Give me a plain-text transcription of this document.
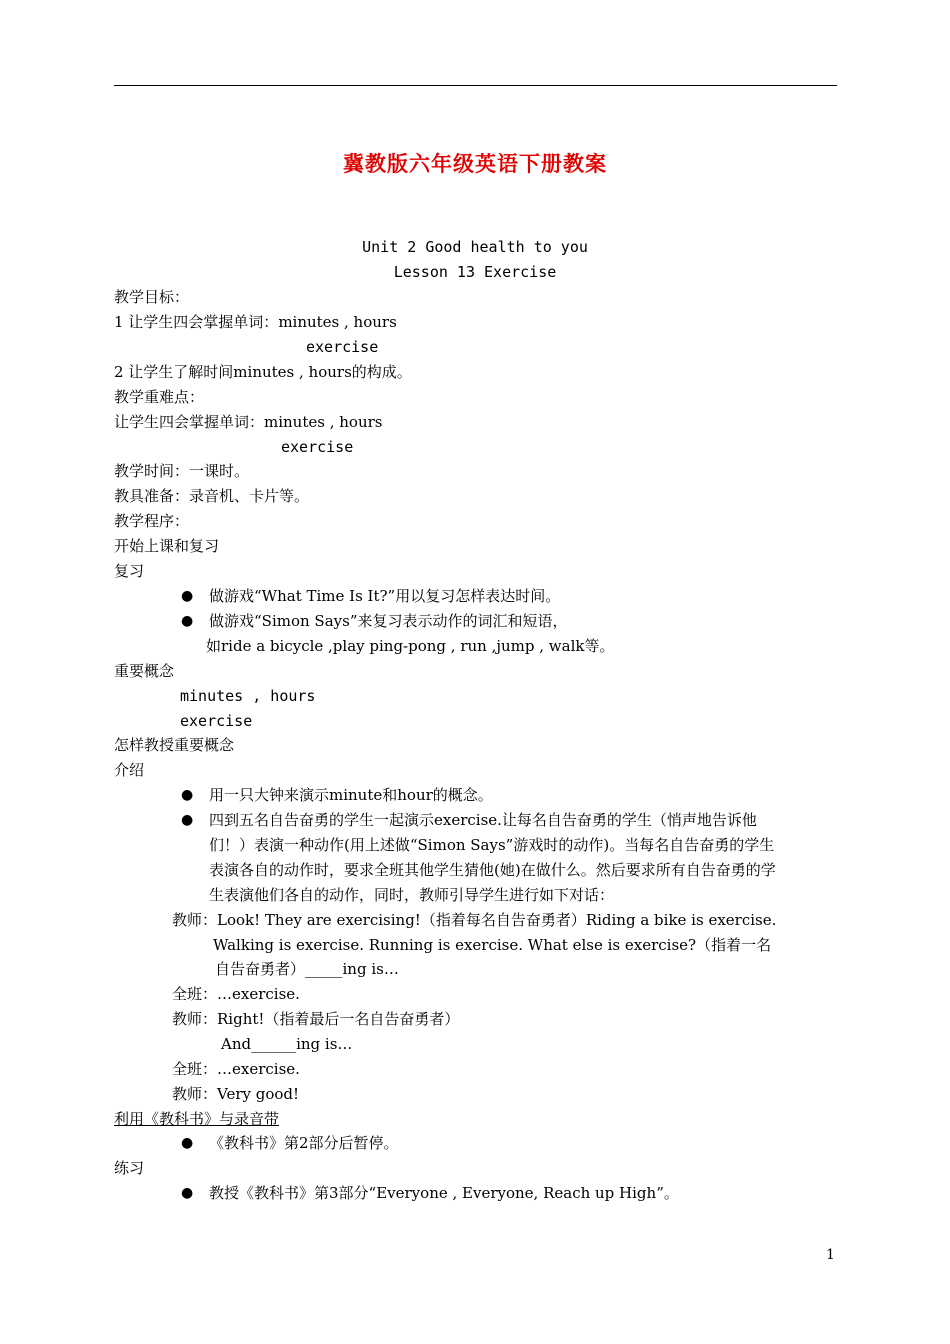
冀教版六年级英语下册教案
Unit 2 Good health to you
Lesson 13 Exercise
教学目标：
1 让学生四会掌握单词：minutes , hours
exercise
2 让学生了解时间minutes , hours的构成。
教学重难点：
让学生四会掌握单词：minutes , hours
exercise
教学时间：一课时。
教具准备：录音机、卡片等。
教学程序：
开始上课和复习
复习
● 做游戏“What Time Is It?”用以复习怎样表达时间。
● 做游戏“Simon Says”来复习表示动作的词汇和短语，
如ride a bicycle ,play ping-pong , run ,jump , walk等。
重要概念
minutes , hours
exercise
怎样教授重要概念
介绍
● 用一只大钟来演示minute和hour的概念。
● 四到五名自告奋勇的学生一起演示exercise.让每名自告奋勇的学生（悄声地告诉他
们！）表演一种动作(用上述做“Simon Says”游戏时的动作)。当每名自告奋勇的学生
表演各自的动作时，要求全班其他学生猜他(她)在做什么。然后要求所有自告奋勇的学
生表演他们各自的动作，同时，教师引导学生进行如下对话：
教师：Look! They are exercising!（指着每名自告奋勇者）Riding a bike is exercise.
Walking is exercise. Running is exercise. What else is exercise?（指着一名
自告奋勇者）_____ing is…
全班：…exercise.
教师：Right!（指着最后一名自告奋勇者）
And______ing is…
全班：…exercise.
教师：Very good!
利用《教科书》与录音带
● 《教科书》第2部分后暂停。
练习
● 教授《教科书》第3部分“Everyone , Everyone, Reach up High”。
1
